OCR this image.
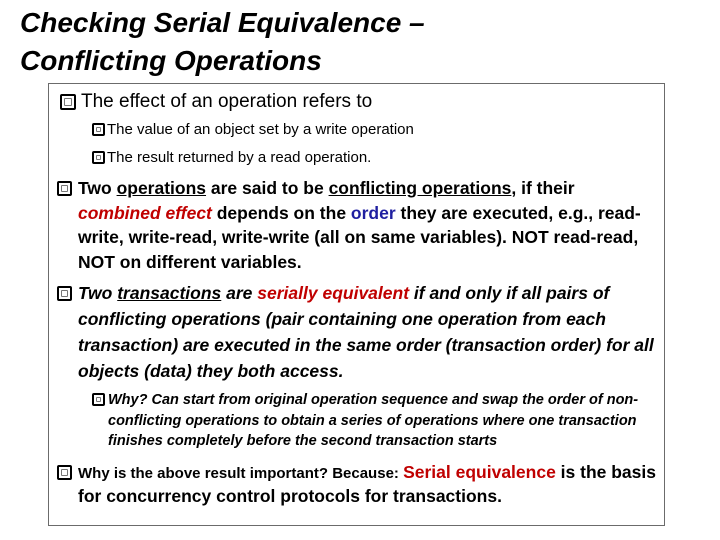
Checking Serial Equivalence –
Conflicting Operations
The effect of an operation refers to
The value of an object set by a write operation
The result returned by a read operation.
Two operations are said to be conflicting operations, if their
combined effect depends on the order they are executed, e.g., read-write, write-read, write-write (all on same variables). NOT read-read, NOT on different variables.
Two transactions are serially equivalent if and only if all pairs of conflicting operations (pair containing one operation from each transaction) are executed in the same order (transaction order) for all objects (data) they both access.
Why? Can start from original operation sequence and swap the order of non-conflicting operations to obtain a series of operations where one transaction finishes completely before the second transaction starts
Why is the above result important? Because: Serial equivalence is the basis for concurrency control protocols for transactions.
